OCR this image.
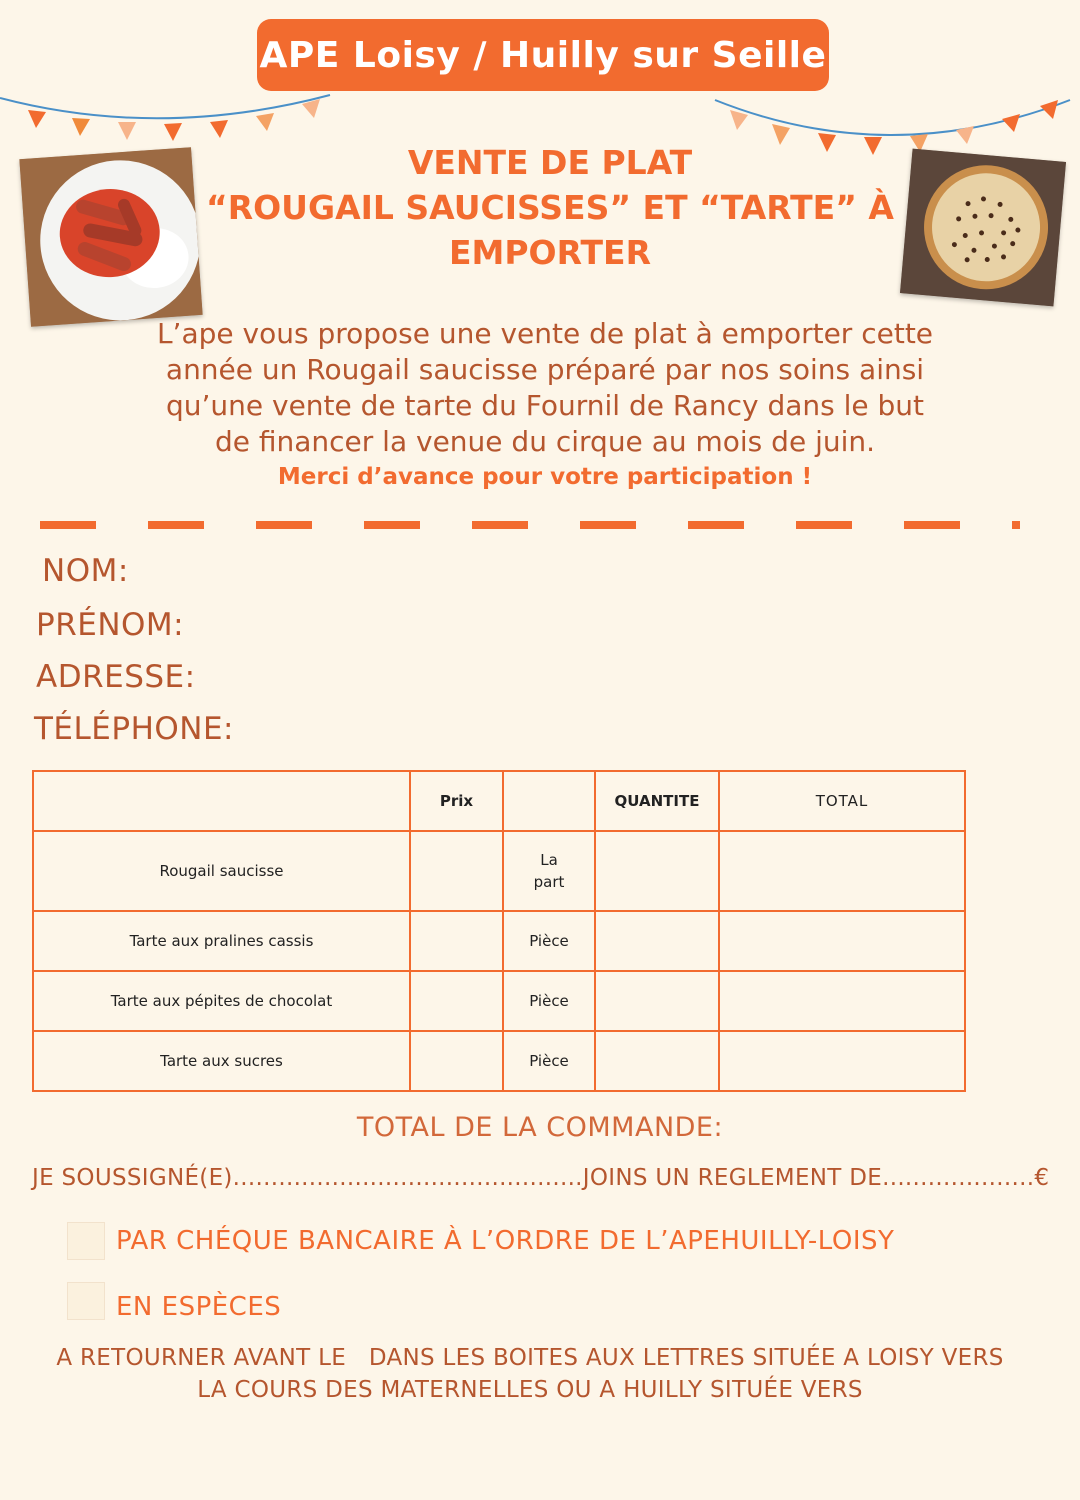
APE Loisy / Huilly sur Seille
VENTE DE PLAT
“ROUGAIL SAUCISSES” ET “TARTE” À
EMPORTER
L’ape vous propose une vente de plat à emporter cette
année un Rougail saucisse préparé par nos soins ainsi
qu’une vente de tarte du Fournil de Rancy dans le but
de financer la venue du cirque au mois de juin.
Merci d’avance pour votre participation !
NOM:
PRÉNOM:
ADRESSE:
TÉLÉPHONE:
	Prix		QUANTITE	TOTAL
Rougail saucisse		La
part		

Tarte aux pralines cassis		Pièce		
Tarte aux pépites de chocolat		Pièce		
Tarte aux sucres		Pièce		
TOTAL DE LA COMMANDE:
JE SOUSSIGNÉ(E)..............................................JOINS UN REGLEMENT DE....................€
PAR CHÉQUE BANCAIRE À L’ORDRE DE L’APEHUILLY-LOISY
EN ESPÈCES
A RETOURNER AVANT LE   DANS LES BOITES AUX LETTRES SITUÉE A LOISY VERS
LA COURS DES MATERNELLES OU A HUILLY SITUÉE VERS
